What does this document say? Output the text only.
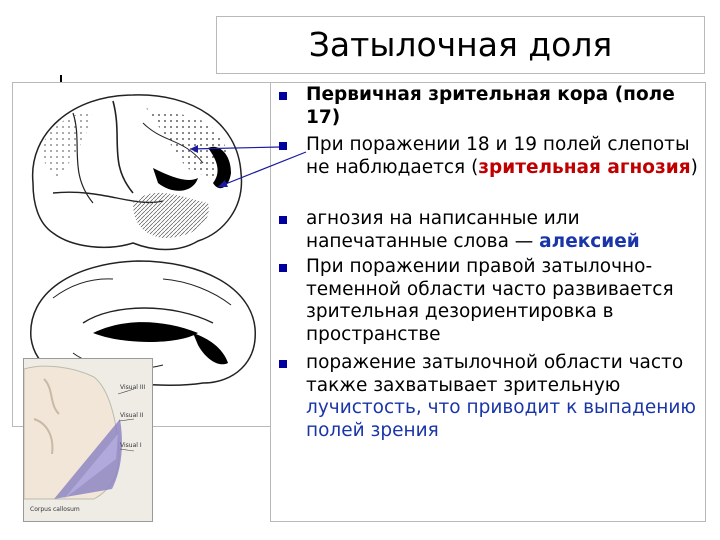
Затылочная доля
Visual III
Visual II
Visual I
Corpus callosum
Первичная зрительная кора (поле 17)
При поражении 18 и 19 полей слепоты не наблюдается (зрительная агнозия)
агнозия на написанные или напечатанные слова — алексией
При поражении правой затылочно-теменной области часто развивается зрительная дезориентировка в пространстве
поражение затылочной области часто также захватывает зрительную лучистость, что приводит к выпадению полей зрения
